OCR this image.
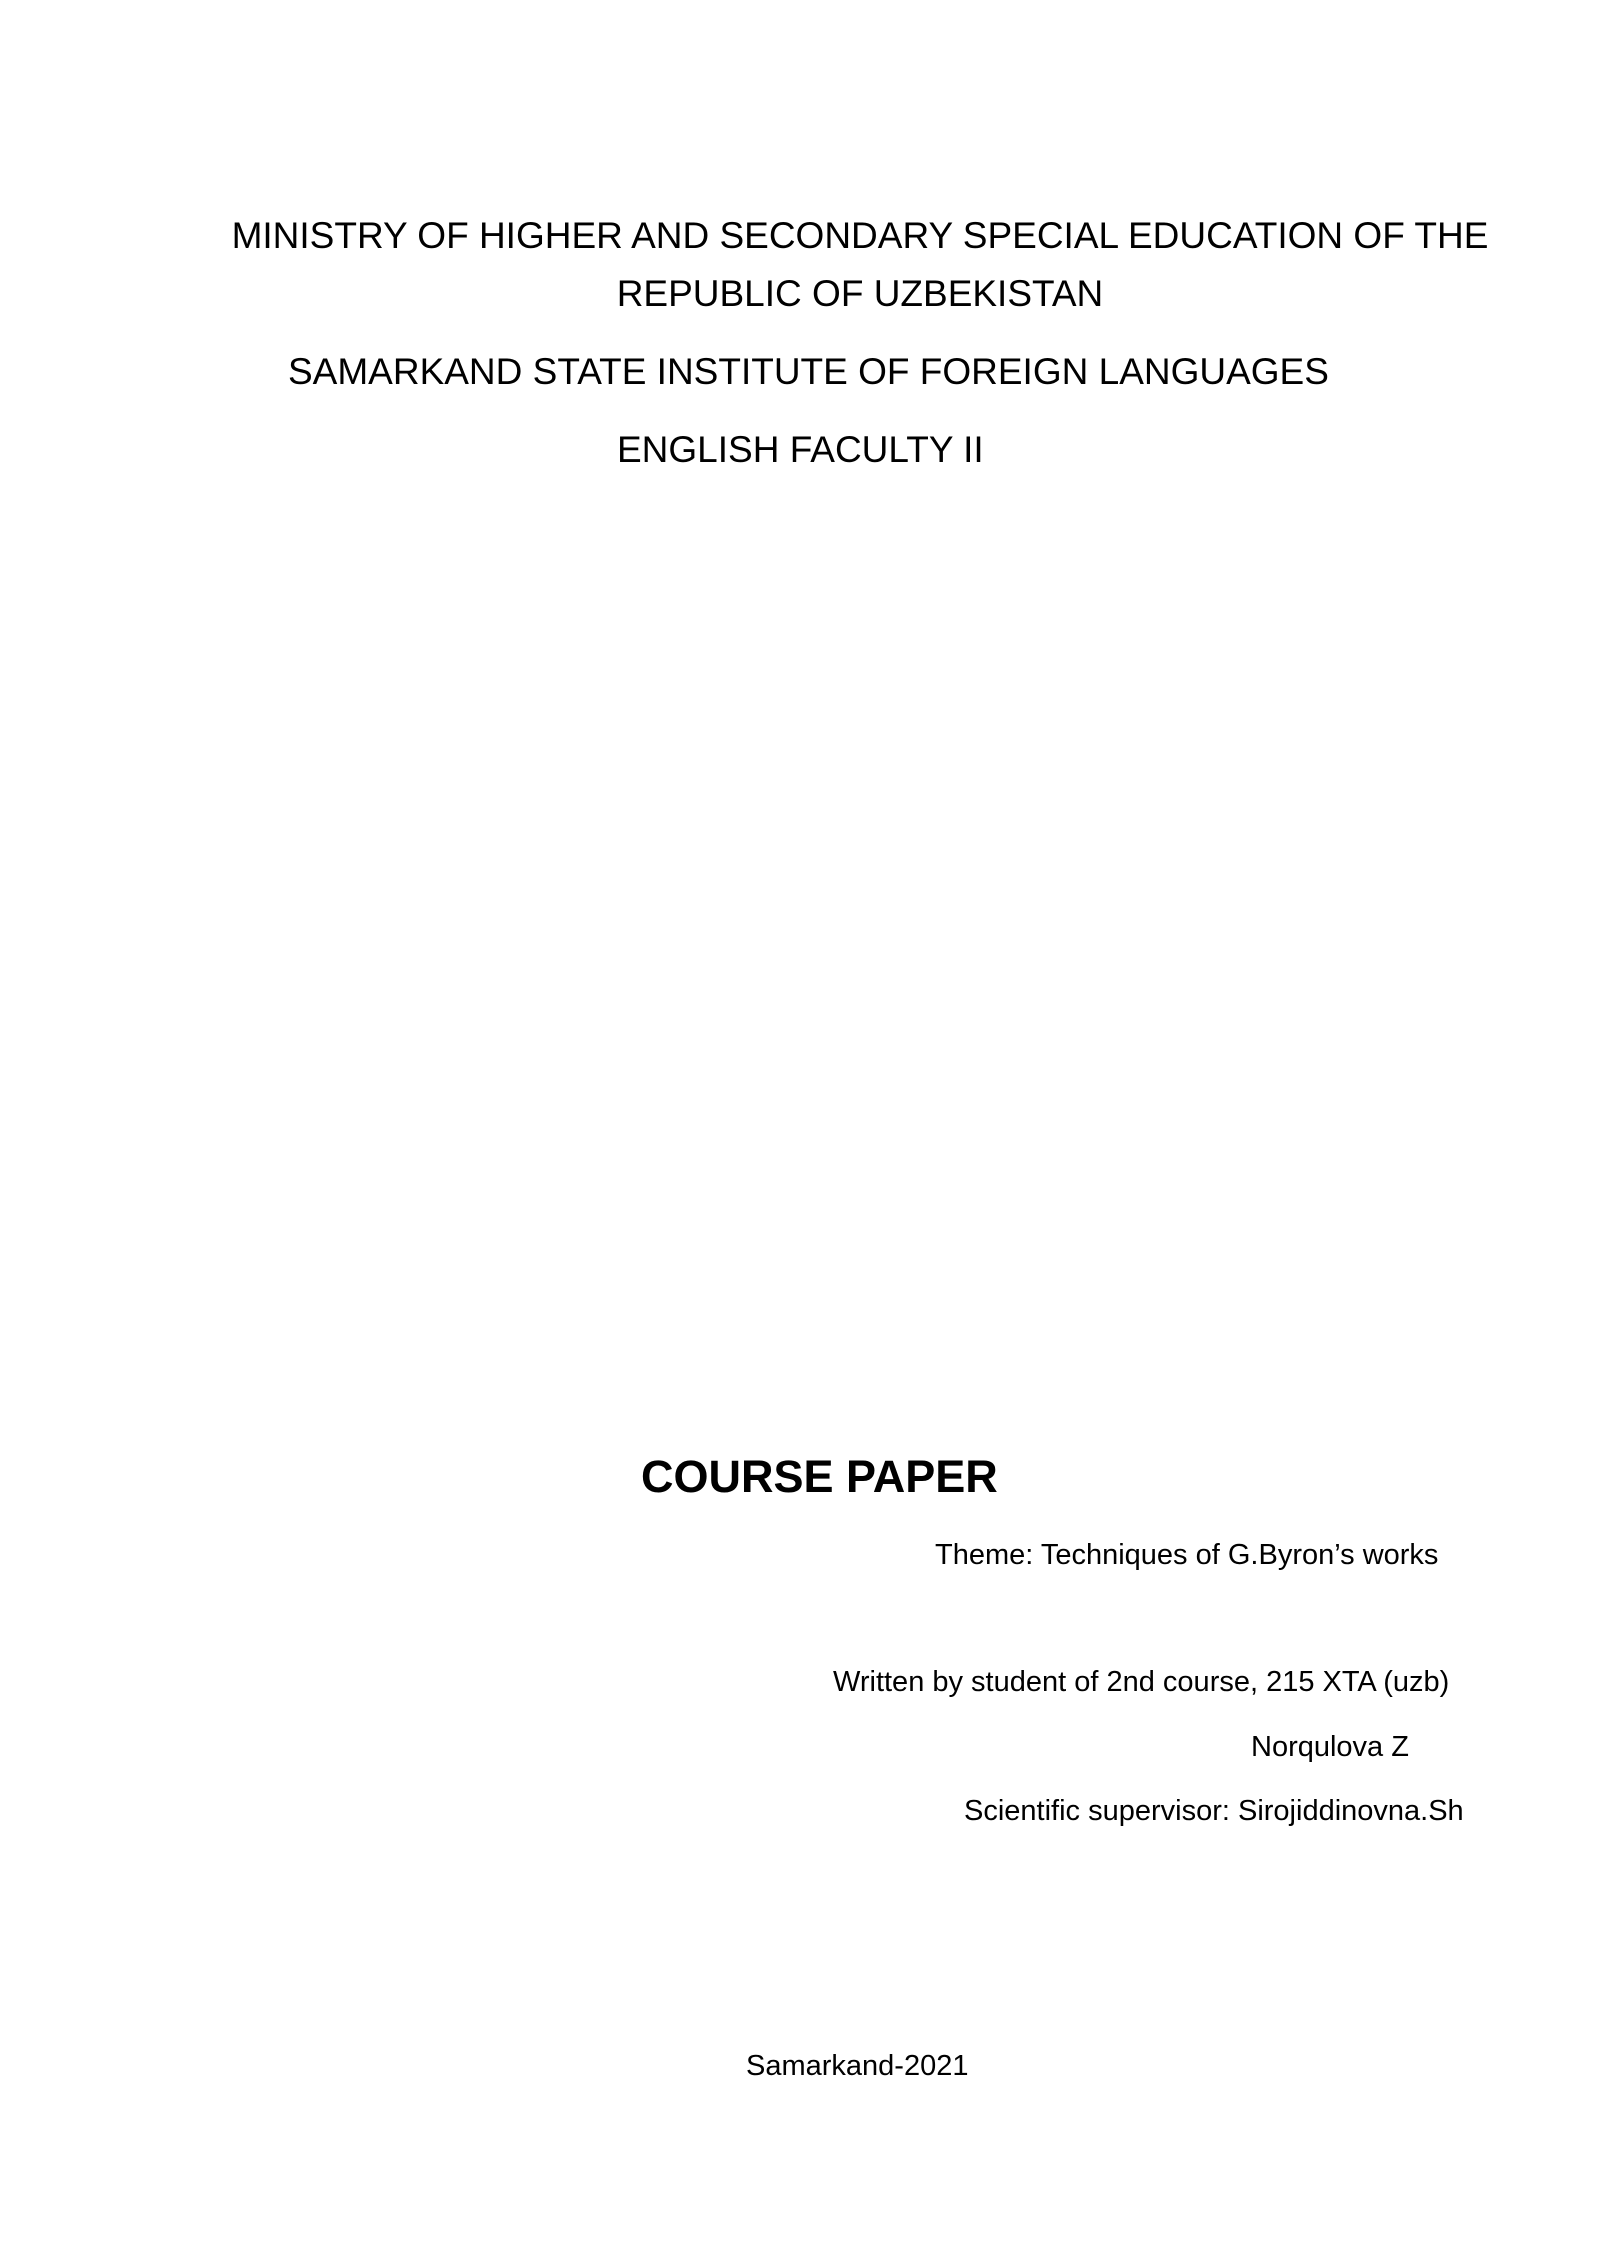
MINISTRY OF HIGHER AND SECONDARY SPECIAL EDUCATION OF THE
REPUBLIC OF UZBEKISTAN
SAMARKAND STATE INSTITUTE OF FOREIGN LANGUAGES
ENGLISH FACULTY II
COURSE PAPER
Theme: Techniques of G.Byron’s works
Written by student of 2nd course, 215 XTA (uzb)
Norqulova Z
Scientific supervisor: Sirojiddinovna.Sh
Samarkand-2021
